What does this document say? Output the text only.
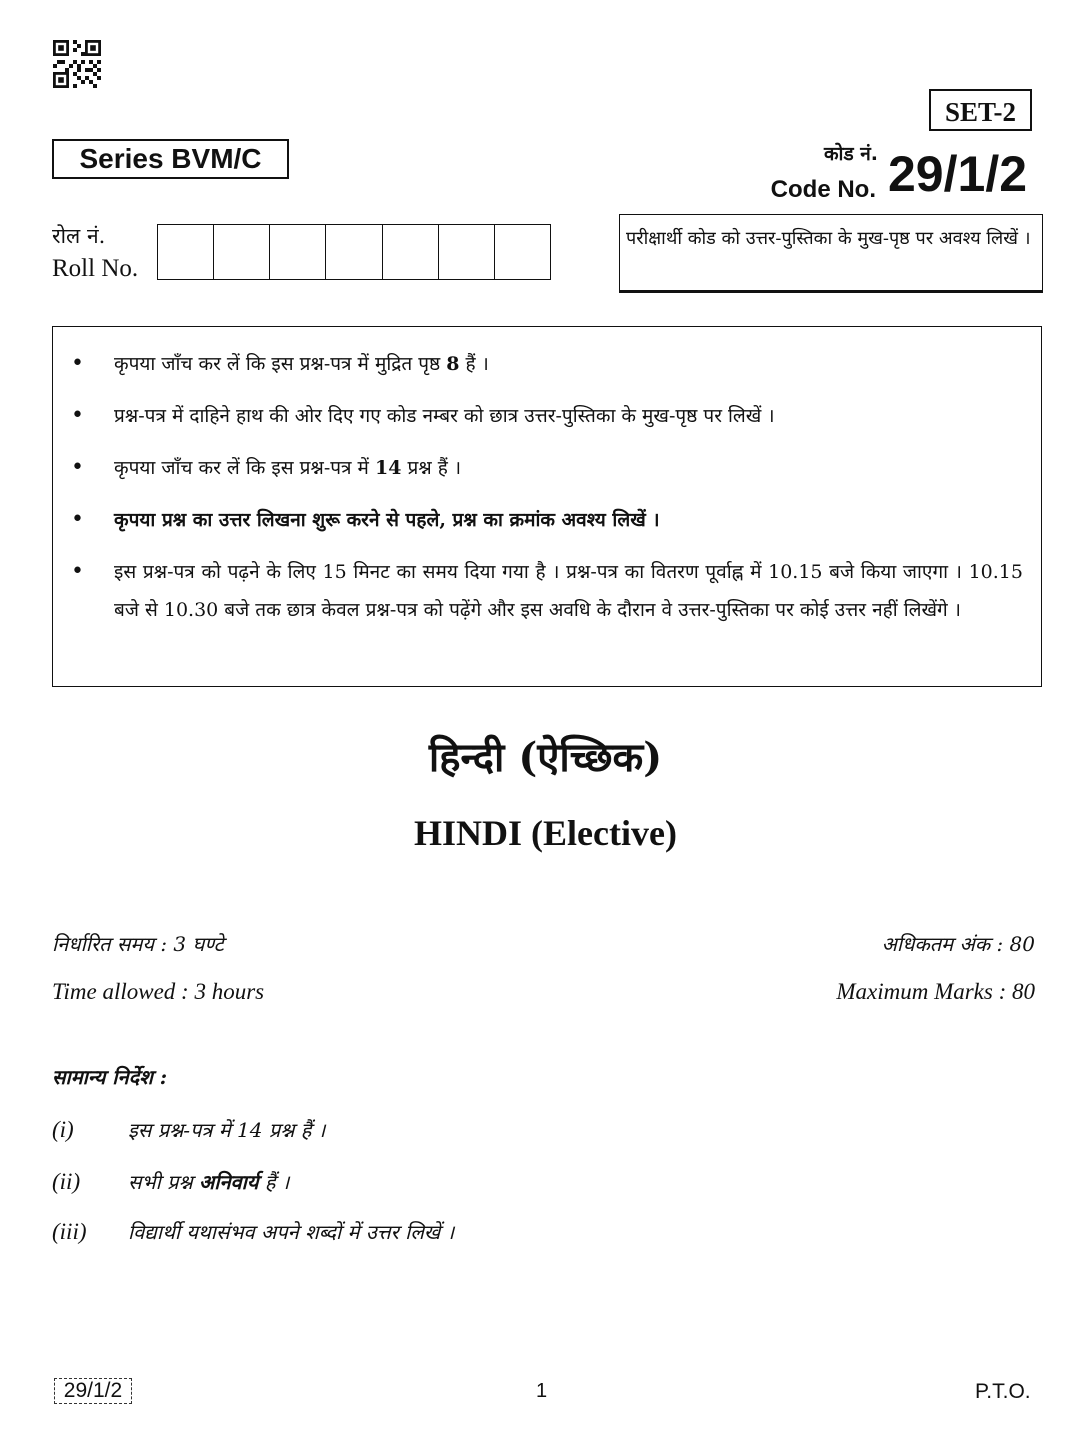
SET-2
Series BVM/C	कोड नं.
Code No. 29/1/2
रोल नं.
Roll No.
परीक्षार्थी कोड को उत्तर-पुस्तिका के मुख-पृष्ठ पर अवश्य लिखें ।
• कृपया जाँच कर लें कि इस प्रश्न-पत्र में मुद्रित पृष्ठ 8 हैं ।
• प्रश्न-पत्र में दाहिने हाथ की ओर दिए गए कोड नम्बर को छात्र उत्तर-पुस्तिका के मुख-पृष्ठ पर लिखें ।
• कृपया जाँच कर लें कि इस प्रश्न-पत्र में 14 प्रश्न हैं ।
• कृपया प्रश्न का उत्तर लिखना शुरू करने से पहले, प्रश्न का क्रमांक अवश्य लिखें ।
• इस प्रश्न-पत्र को पढ़ने के लिए 15 मिनट का समय दिया गया है । प्रश्न-पत्र का वितरण पूर्वाह्न में 10.15 बजे किया जाएगा । 10.15 बजे से 10.30 बजे तक छात्र केवल प्रश्न-पत्र को पढ़ेंगे और इस अवधि के दौरान वे उत्तर-पुस्तिका पर कोई उत्तर नहीं लिखेंगे ।
हिन्दी (ऐच्छिक)
HINDI (Elective)
निर्धारित समय : 3 घण्टे	अधिकतम अंक : 80
Time allowed : 3 hours	Maximum Marks : 80
सामान्य निर्देश :
(i)	इस प्रश्न-पत्र में 14 प्रश्न हैं ।
(ii) सभी प्रश्न अनिवार्य हैं ।
(iii) विद्यार्थी यथासंभव अपने शब्दों में उत्तर लिखें ।
29/1/2	1	P.T.O.
